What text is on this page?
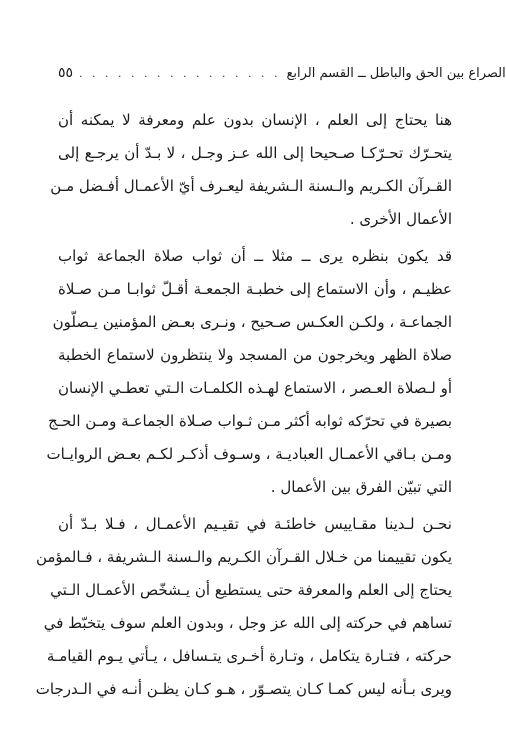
٥٥ . . . . . . . . . . . . . . . . الصراع بين الحق والباطل ــ القسم الرابع
هنا يحتاج إلى العلم ، الإنسان بدون علم ومعرفة لا يمكنه أن
يتحـرّك تحـرّكـا صـحيحا إلى الله عـز وجـل ، لا بـدّ أن يرجـع إلى
القـرآن الكـريم والـسنة الـشريفة ليعـرف أيّ الأعمـال أفـضل مـن
الأعمال الأخرى .
قد يكون بنظره يرى ــ مثلا ــ أن ثواب صلاة الجماعة ثواب
عظيـم ، وأن الاستماع إلى خطبـة الجمعـة أقـلّ ثوابـا مـن صـلاة
الجماعـة ، ولكـن العكـس صـحيح ، ونـرى بعـض المؤمنين يـصلّون
صلاة الظهر ويخرجون من المسجد ولا ينتظرون لاستماع الخطبة
أو لـصلاة العـصر ، الاستماع لهـذه الكلمـات الـتي تعطـي الإنسان
بصيرة في تحرّكه ثوابه أكثر مـن ثـواب صـلاة الجماعـة ومـن الحـج
ومـن بـاقي الأعمـال العباديـة ، وسـوف أذكـر لكـم بعـض الروايـات
التي تبيّن الفرق بين الأعمال .
نحـن لـدينا مقـاييس خاطئـة في تقيـيم الأعمـال ، فـلا بـدّ أن
يكون تقييمنا من خـلال القـرآن الكـريم والـسنة الـشريفة ، فـالمؤمن
يحتاج إلى العلم والمعرفة حتى يستطيع أن يـشخّص الأعمـال الـتي
تساهم في حركته إلى الله عز وجل ، وبدون العلم سوف يتخبّط في
حركته ، فتـارة يتكامل ، وتـارة أخـرى يتـسافل ، يـأتي يـوم القيامـة
ويرى بـأنه ليس كمـا كـان يتصـوّر ، هـو كـان يظـن أنـه في الـدرجات
